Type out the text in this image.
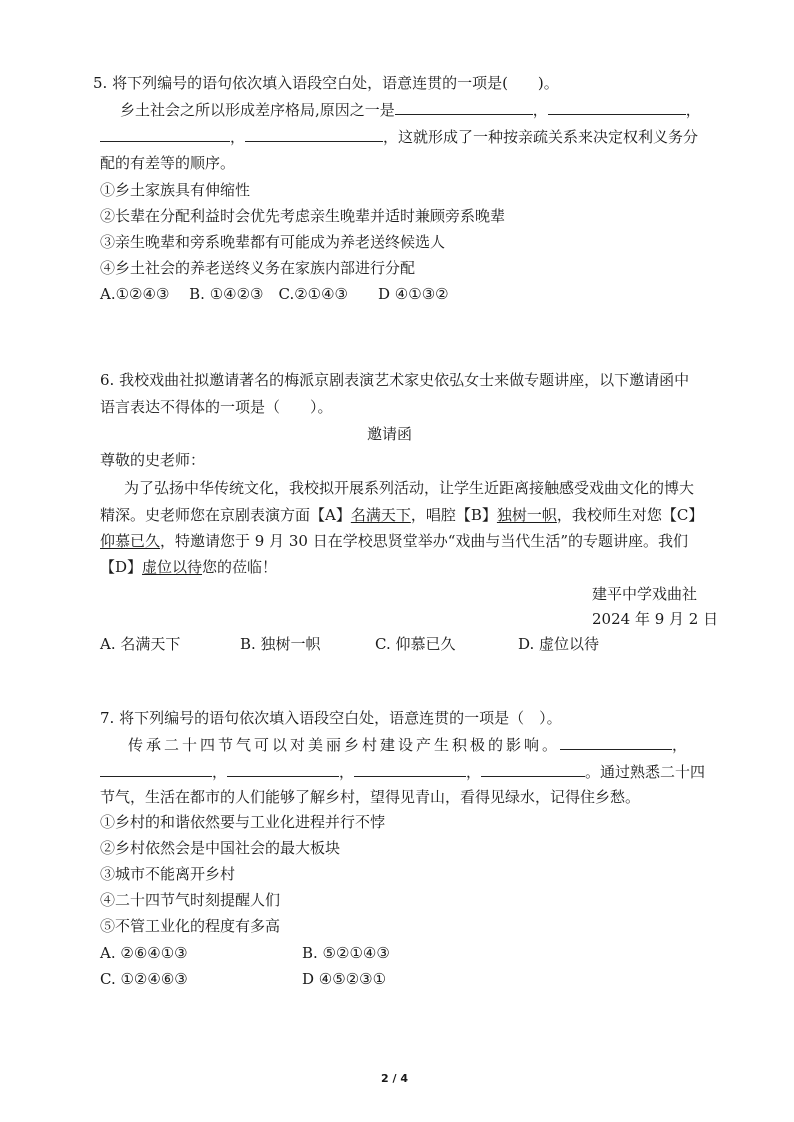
5. 将下列编号的语句依次填入语段空白处，语意连贯的一项是(　　)。
乡土社会之所以形成差序格局,原因之一是	，	，
，	，这就形成了一种按亲疏关系来决定权利义务分
配的有差等的顺序。
①乡土家族具有伸缩性
②长辈在分配利益时会优先考虑亲生晚辈并适时兼顾旁系晚辈
③亲生晚辈和旁系晚辈都有可能成为养老送终候选人
④乡土社会的养老送终义务在家族内部进行分配
A.①②④③　 B. ①④②③　C.②①④③　　D ④①③②
6. 我校戏曲社拟邀请著名的梅派京剧表演艺术家史依弘女士来做专题讲座，以下邀请函中
语言表达不得体的一项是（　　）。
邀请函
尊敬的史老师：
为了弘扬中华传统文化，我校拟开展系列活动，让学生近距离接触感受戏曲文化的博大
精深。史老师您在京剧表演方面【A】名满天下，唱腔【B】独树一帜，我校师生对您【C】
仰慕已久，特邀请您于 9 月 30 日在学校思贤堂举办“戏曲与当代生活”的专题讲座。我们
【D】虚位以待您的莅临！
建平中学戏曲社
2024 年 9 月 2 日
A. 名满天下	B. 独树一帜	C. 仰慕已久	D. 虚位以待
7. 将下列编号的语句依次填入语段空白处，语意连贯的一项是（　）。
传承二十四节气可以对美丽乡村建设产生积极的影响。	，
，	，	，	。通过熟悉二十四
节气，生活在都市的人们能够了解乡村，望得见青山，看得见绿水，记得住乡愁。
①乡村的和谐依然要与工业化进程并行不悖
②乡村依然会是中国社会的最大板块
③城市不能离开乡村
④二十四节气时刻提醒人们
⑤不管工业化的程度有多高
A. ②⑥④①③	B. ⑤②①④③
C. ①②④⑥③	D ④⑤②③①
2 / 4
